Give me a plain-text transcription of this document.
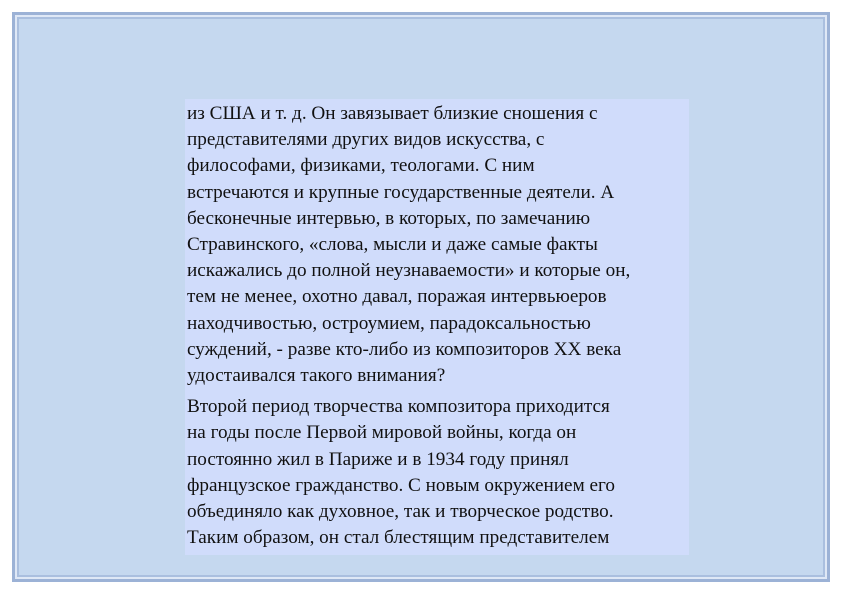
из США и т. д. Он завязывает близкие сношения с
представителями других видов искусства, с
философами, физиками, теологами. С ним
встречаются и крупные государственные деятели. А
бесконечные интервью, в которых, по замечанию
Стравинского, «слова, мысли и даже самые факты
искажались до полной неузнаваемости» и которые он,
тем не менее, охотно давал, поражая интервьюеров
находчивостью, остроумием, парадоксальностью
суждений, - разве кто-либо из композиторов XX века
удостаивался такого внимания?
Второй период творчества композитора приходится
на годы после Первой мировой войны, когда он
постоянно жил в Париже и в 1934 году принял
французское гражданство. С новым окружением его
объединяло как духовное, так и творческое родство.
Таким образом, он стал блестящим представителем
